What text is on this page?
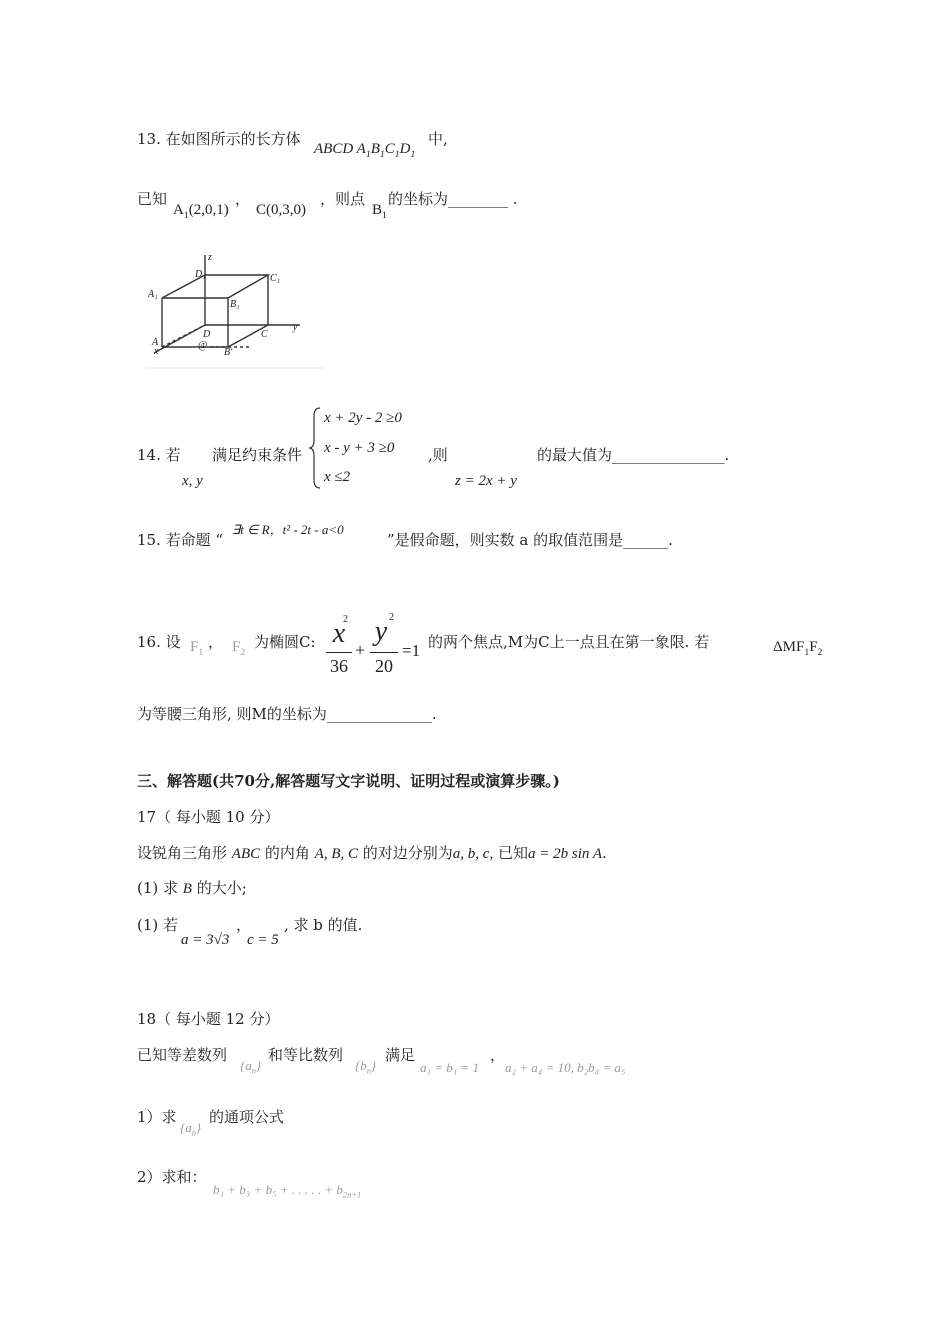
13. 在如图所示的长方体
ABCD $A_1B_1C_1D_1$
中,
已知
$A_1(2,0,1)$
，
C(0,3,0)
，则点
$B_1$
的坐标为________ .
z
y
x
D₁	C₁
A₁
B₁
D	C
A
B'
@
14. 若
x, y
满足约束条件
x + 2y - 2 ≥0
x - y + 3 ≥0
x ≤2
,则
z = 2x + y
的最大值为_______________.
15. 若命题 “
∃t ∈ R，t² - 2t - a<0
”是假命题，则实数 a 的取值范围是______.
16. 设 $F_1$
， $F_2$
为椭圆C: x
2
36
+
y 2
20
=1 的两个焦点,M为C上一点且在第一象限. 若	$\Delta MF_1F_2$
为等腰三角形, 则M的坐标为______________.
三、解答题(共70分,解答题写文字说明、证明过程或演算步骤。)
17（ 每小题 10 分）
设锐角三角形 ABC 的内角 A, B, C 的对边分别为a, b, c, 已知a = 2b sin A.
(1) 求 B 的大小;
(1) 若
a = 3√3
，
c = 5
, 求 b 的值.
18（ 每小题 12 分）
已知等差数列
$\{a_n\}$
和等比数列
$\{b_n\}$
满足
a₁ = b₁ = 1
，
a₂ + a₄ = 10, b₂b₄ = a₅
1）求
$\{a_n\}$
的通项公式
2）求和：
b₁ + b₃ + b₅ + . . . . . + $b_{2n+1}$
